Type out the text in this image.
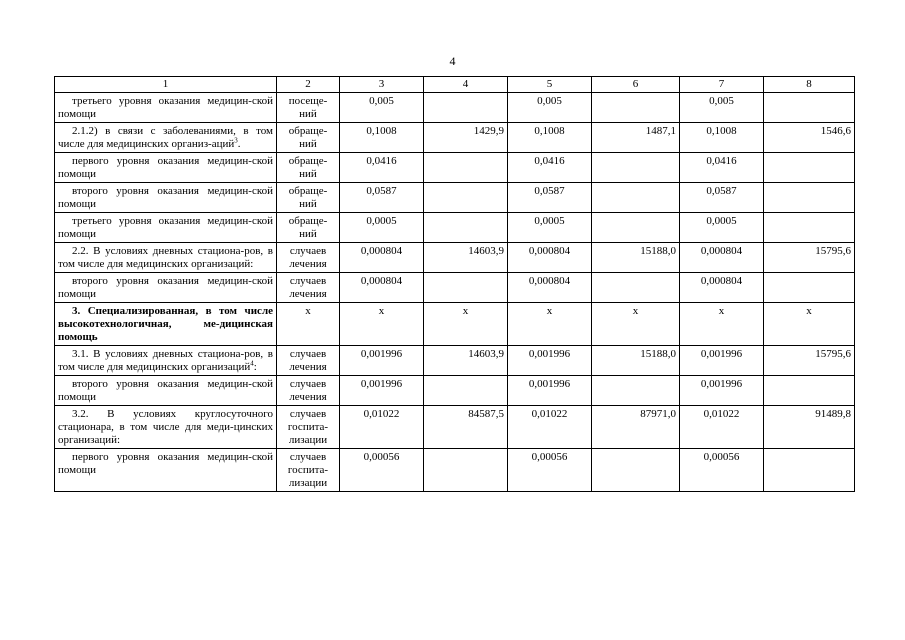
4
1	2	3	4	5	6	7	8
третьего уровня оказания медицин-ской помощи	посеще-ний	0,005		0,005		0,005	
2.1.2) в связи с заболеваниями, в том числе для медицинских организ-аций$^3$.	обраще-ний	0,1008	1429,9	0,1008	1487,1	0,1008	1546,6
первого уровня оказания медицин-ской помощи	обраще-ний	0,0416		0,0416		0,0416	
второго уровня оказания медицин-ской помощи	обраще-ний	0,0587		0,0587		0,0587	
третьего уровня оказания медицин-ской помощи	обраще-ний	0,0005		0,0005		0,0005	
2.2. В условиях дневных стациона-ров, в том числе для медицинских организаций:	случаев лечения	0,000804	14603,9	0,000804	15188,0	0,000804	15795,6
второго уровня оказания медицин-ской помощи	случаев лечения	0,000804		0,000804		0,000804	
3. Специализированная, в том числе высокотехнологичная, ме-дицинская помощь	х	х	х	х	х	х	х
3.1. В условиях дневных стациона-ров, в том числе для медицинских организаций$^4$:	случаев лечения	0,001996	14603,9	0,001996	15188,0	0,001996	15795,6
второго уровня оказания медицин-ской помощи	случаев лечения	0,001996		0,001996		0,001996	
3.2. В условиях круглосуточного стационара, в том числе для меди-цинских организаций:	случаев госпита-лизации	0,01022	84587,5	0,01022	87971,0	0,01022	91489,8
первого уровня оказания медицин-ской помощи	случаев госпита-лизации	0,00056		0,00056		0,00056	
